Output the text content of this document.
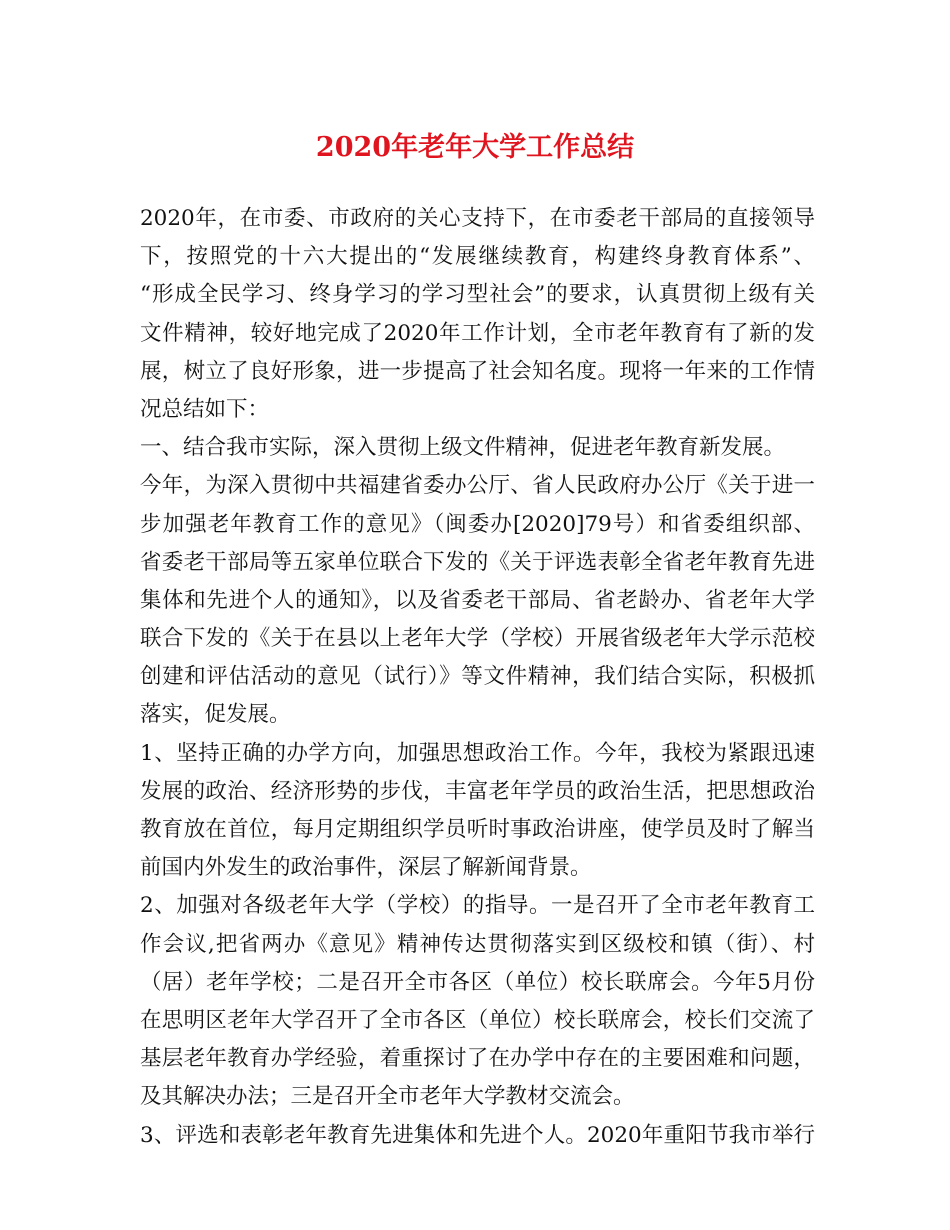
2020年老年大学工作总结
2020年，在市委、市政府的关心支持下，在市委老干部局的直接领导
下，按照党的十六大提出的“发展继续教育，构建终身教育体系”、
“形成全民学习、终身学习的学习型社会”的要求，认真贯彻上级有关
文件精神，较好地完成了2020年工作计划，全市老年教育有了新的发
展，树立了良好形象，进一步提高了社会知名度。现将一年来的工作情
况总结如下：
一、结合我市实际，深入贯彻上级文件精神，促进老年教育新发展。
今年，为深入贯彻中共福建省委办公厅、省人民政府办公厅《关于进一
步加强老年教育工作的意见》（闽委办[2020]79号）和省委组织部、
省委老干部局等五家单位联合下发的《关于评选表彰全省老年教育先进
集体和先进个人的通知》，以及省委老干部局、省老龄办、省老年大学
联合下发的《关于在县以上老年大学（学校）开展省级老年大学示范校
创建和评估活动的意见（试行）》等文件精神，我们结合实际，积极抓
落实，促发展。
1、坚持正确的办学方向，加强思想政治工作。今年，我校为紧跟迅速
发展的政治、经济形势的步伐，丰富老年学员的政治生活，把思想政治
教育放在首位，每月定期组织学员听时事政治讲座，使学员及时了解当
前国内外发生的政治事件，深层了解新闻背景。
2、加强对各级老年大学（学校）的指导。一是召开了全市老年教育工
作会议,把省两办《意见》精神传达贯彻落实到区级校和镇（街）、村
（居）老年学校；二是召开全市各区（单位）校长联席会。今年5月份
在思明区老年大学召开了全市各区（单位）校长联席会，校长们交流了
基层老年教育办学经验，着重探讨了在办学中存在的主要困难和问题，
及其解决办法；三是召开全市老年大学教材交流会。
3、评选和表彰老年教育先进集体和先进个人。2020年重阳节我市举行
